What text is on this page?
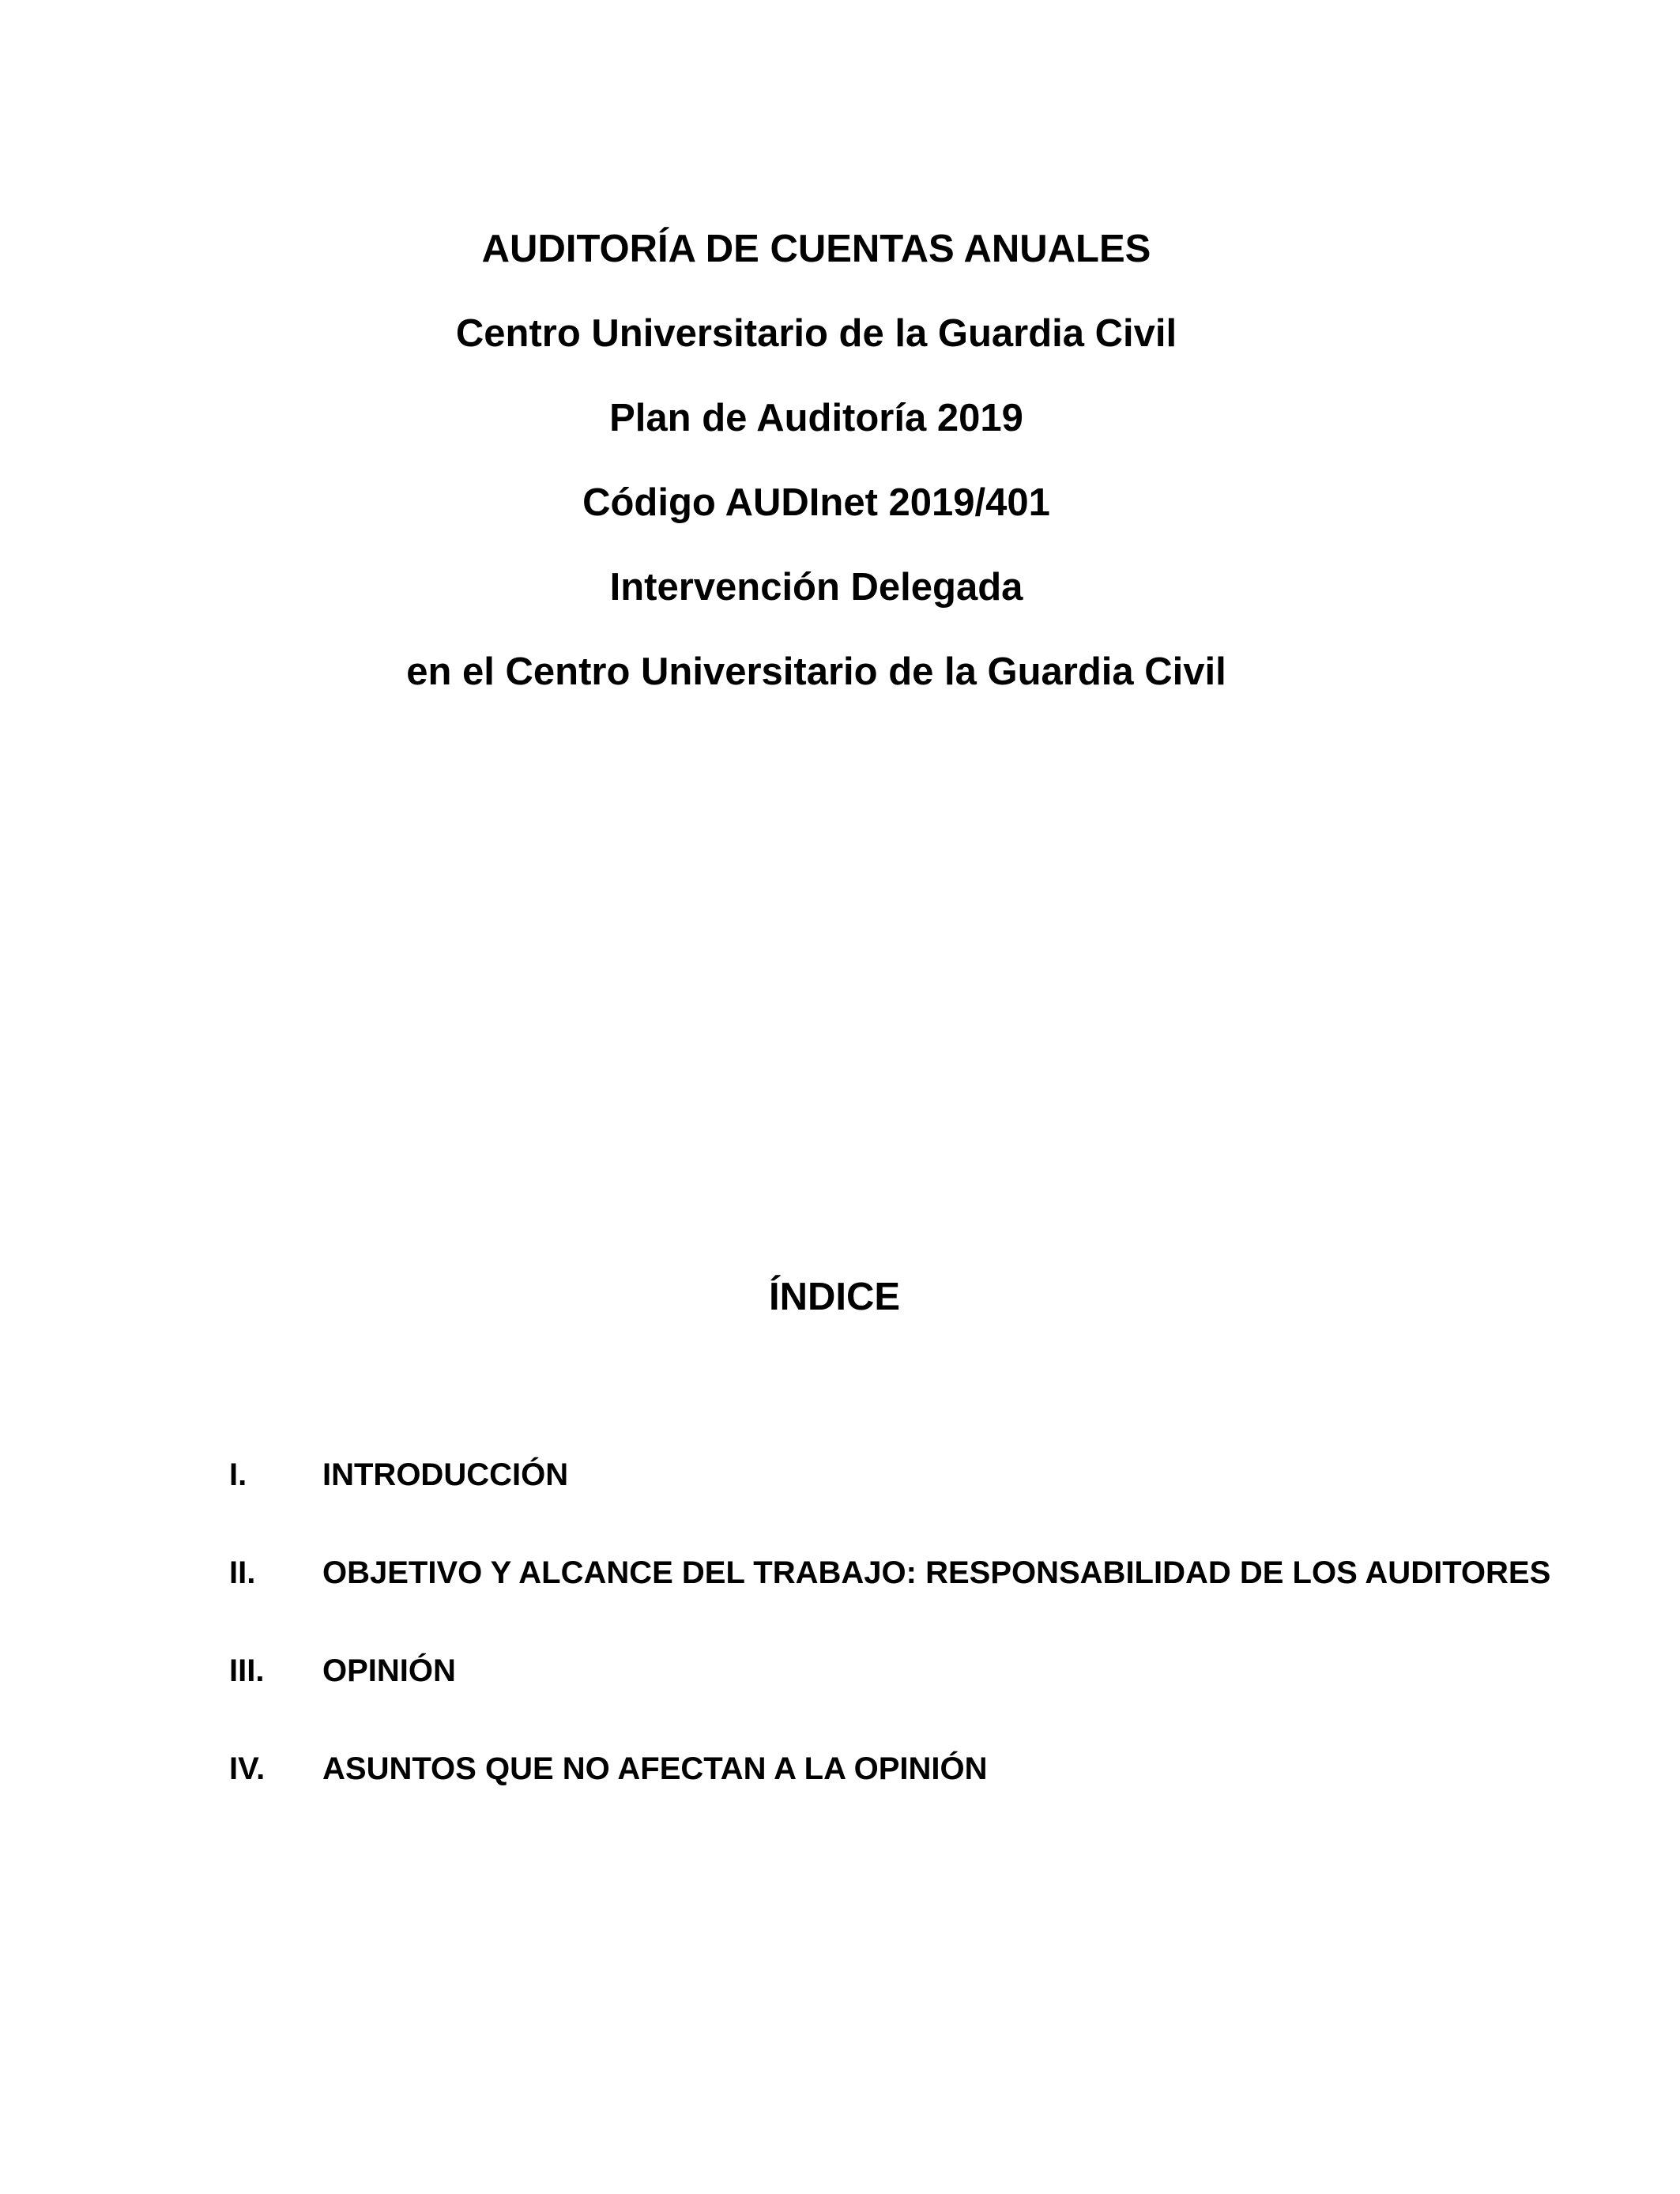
AUDITORÍA DE CUENTAS ANUALES
Centro Universitario de la Guardia Civil
Plan de Auditoría 2019
Código AUDInet 2019/401
Intervención Delegada
en el Centro Universitario de la Guardia Civil
ÍNDICE
I.	INTRODUCCIÓN
II.	OBJETIVO Y ALCANCE DEL TRABAJO: RESPONSABILIDAD DE LOS AUDITORES
III.	OPINIÓN
IV.	ASUNTOS QUE NO AFECTAN A LA OPINIÓN
